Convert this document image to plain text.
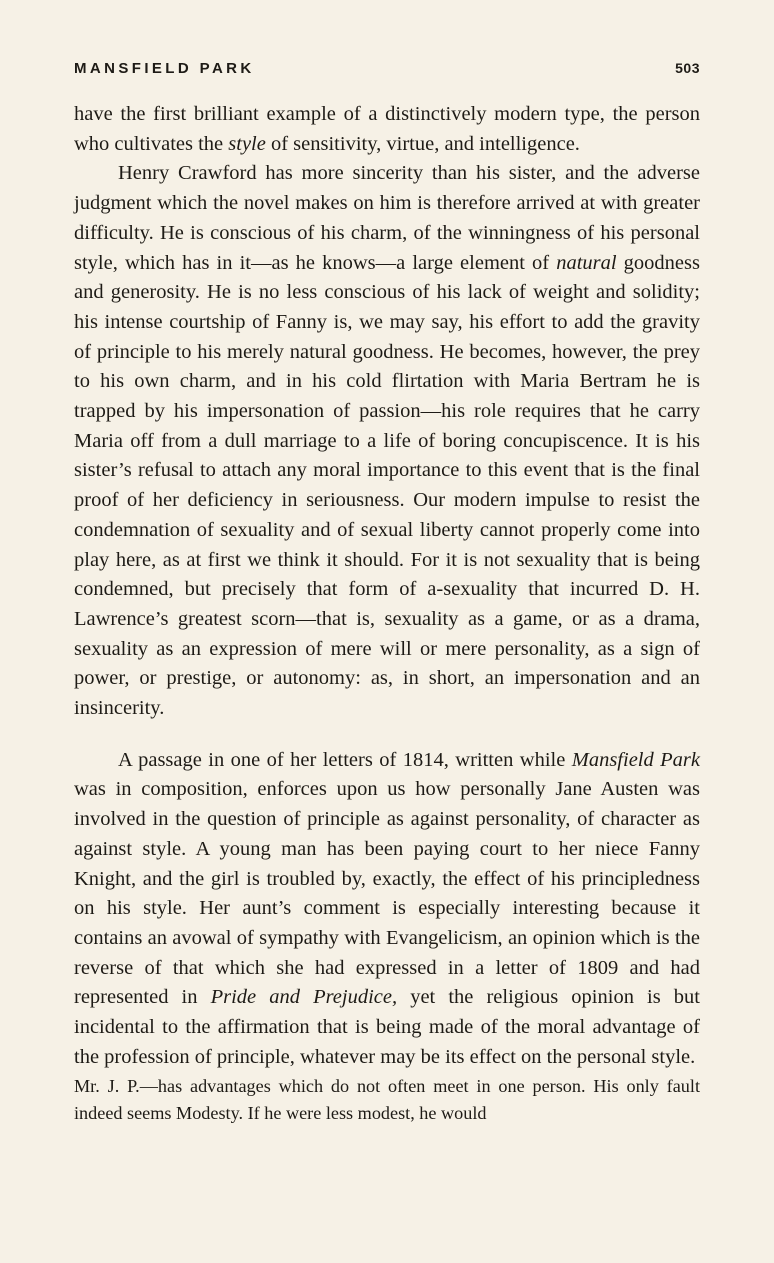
MANSFIELD PARK	503

have the first brilliant example of a distinctively modern type, the person who cultivates the style of sensitivity, virtue, and intelligence.

Henry Crawford has more sincerity than his sister, and the adverse judgment which the novel makes on him is therefore arrived at with greater difficulty. He is conscious of his charm, of the winningness of his personal style, which has in it—as he knows—a large element of natural goodness and generosity. He is no less conscious of his lack of weight and solidity; his intense courtship of Fanny is, we may say, his effort to add the gravity of principle to his merely natural goodness. He becomes, however, the prey to his own charm, and in his cold flirtation with Maria Bertram he is trapped by his impersonation of passion—his role requires that he carry Maria off from a dull marriage to a life of boring concupiscence. It is his sister’s refusal to attach any moral importance to this event that is the final proof of her deficiency in seriousness. Our modern impulse to resist the condemnation of sexuality and of sexual liberty cannot properly come into play here, as at first we think it should. For it is not sexuality that is being condemned, but precisely that form of a-sexuality that incurred D. H. Lawrence’s greatest scorn—that is, sexuality as a game, or as a drama, sexuality as an expression of mere will or mere personality, as a sign of power, or prestige, or autonomy: as, in short, an impersonation and an insincerity.

A passage in one of her letters of 1814, written while Mansfield Park was in composition, enforces upon us how personally Jane Austen was involved in the question of principle as against personality, of character as against style. A young man has been paying court to her niece Fanny Knight, and the girl is troubled by, exactly, the effect of his principledness on his style. Her aunt’s comment is especially interesting because it contains an avowal of sympathy with Evangelicism, an opinion which is the reverse of that which she had expressed in a letter of 1809 and had represented in Pride and Prejudice, yet the religious opinion is but incidental to the affirmation that is being made of the moral advantage of the profession of principle, whatever may be its effect on the personal style.

Mr. J. P.—has advantages which do not often meet in one person. His only fault indeed seems Modesty. If he were less modest, he would
